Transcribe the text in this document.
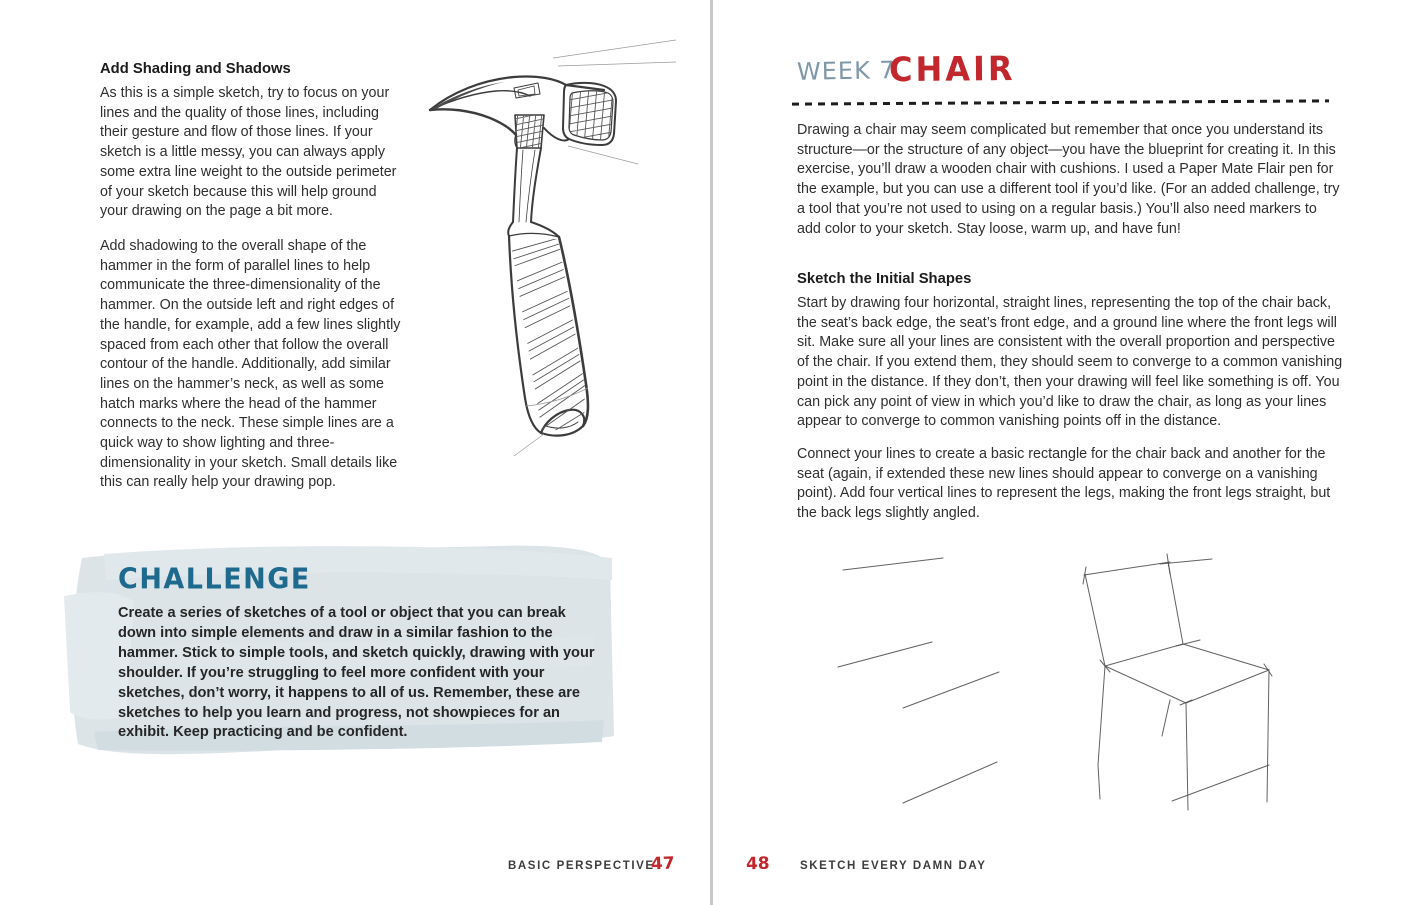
Add Shading and Shadows
As this is a simple sketch, try to focus on your lines and the quality of those lines, including their gesture and flow of those lines. If your sketch is a little messy, you can always apply some extra line weight to the outside perimeter of your sketch because this will help ground your drawing on the page a bit more.
Add shadowing to the overall shape of the hammer in the form of parallel lines to help communicate the three-dimensionality of the hammer. On the outside left and right edges of the handle, for example, add a few lines slightly spaced from each other that follow the overall contour of the handle. Additionally, add similar lines on the hammer’s neck, as well as some hatch marks where the head of the hammer connects to the neck. These simple lines are a quick way to show lighting and three-dimensionality in your sketch. Small details like this can really help your drawing pop.
CHALLENGE
Create a series of sketches of a tool or object that you can break down into simple elements and draw in a similar fashion to the hammer. Stick to simple tools, and sketch quickly, drawing with your shoulder. If you’re struggling to feel more confident with your sketches, don’t worry, it happens to all of us. Remember, these are sketches to help you learn and progress, not showpieces for an exhibit. Keep practicing and be confident.
BASIC PERSPECTIVE
47
WEEK 7
CHAIR
Drawing a chair may seem complicated but remember that once you understand its structure—or the structure of any object—you have the blueprint for creating it. In this exercise, you’ll draw a wooden chair with cushions. I used a Paper Mate Flair pen for the example, but you can use a different tool if you’d like. (For an added challenge, try a tool that you’re not used to using on a regular basis.) You’ll also need markers to add color to your sketch. Stay loose, warm up, and have fun!
Sketch the Initial Shapes
Start by drawing four horizontal, straight lines, representing the top of the chair back, the seat’s back edge, the seat’s front edge, and a ground line where the front legs will sit. Make sure all your lines are consistent with the overall proportion and perspective of the chair. If you extend them, they should seem to converge to a common vanishing point in the distance. If they don’t, then your drawing will feel like something is off. You can pick any point of view in which you’d like to draw the chair, as long as your lines appear to converge to common vanishing points off in the distance.
Connect your lines to create a basic rectangle for the chair back and another for the seat (again, if extended these new lines should appear to converge on a vanishing point). Add four vertical lines to represent the legs, making the front legs straight, but the back legs slightly angled.
48	SKETCH EVERY DAMN DAY
